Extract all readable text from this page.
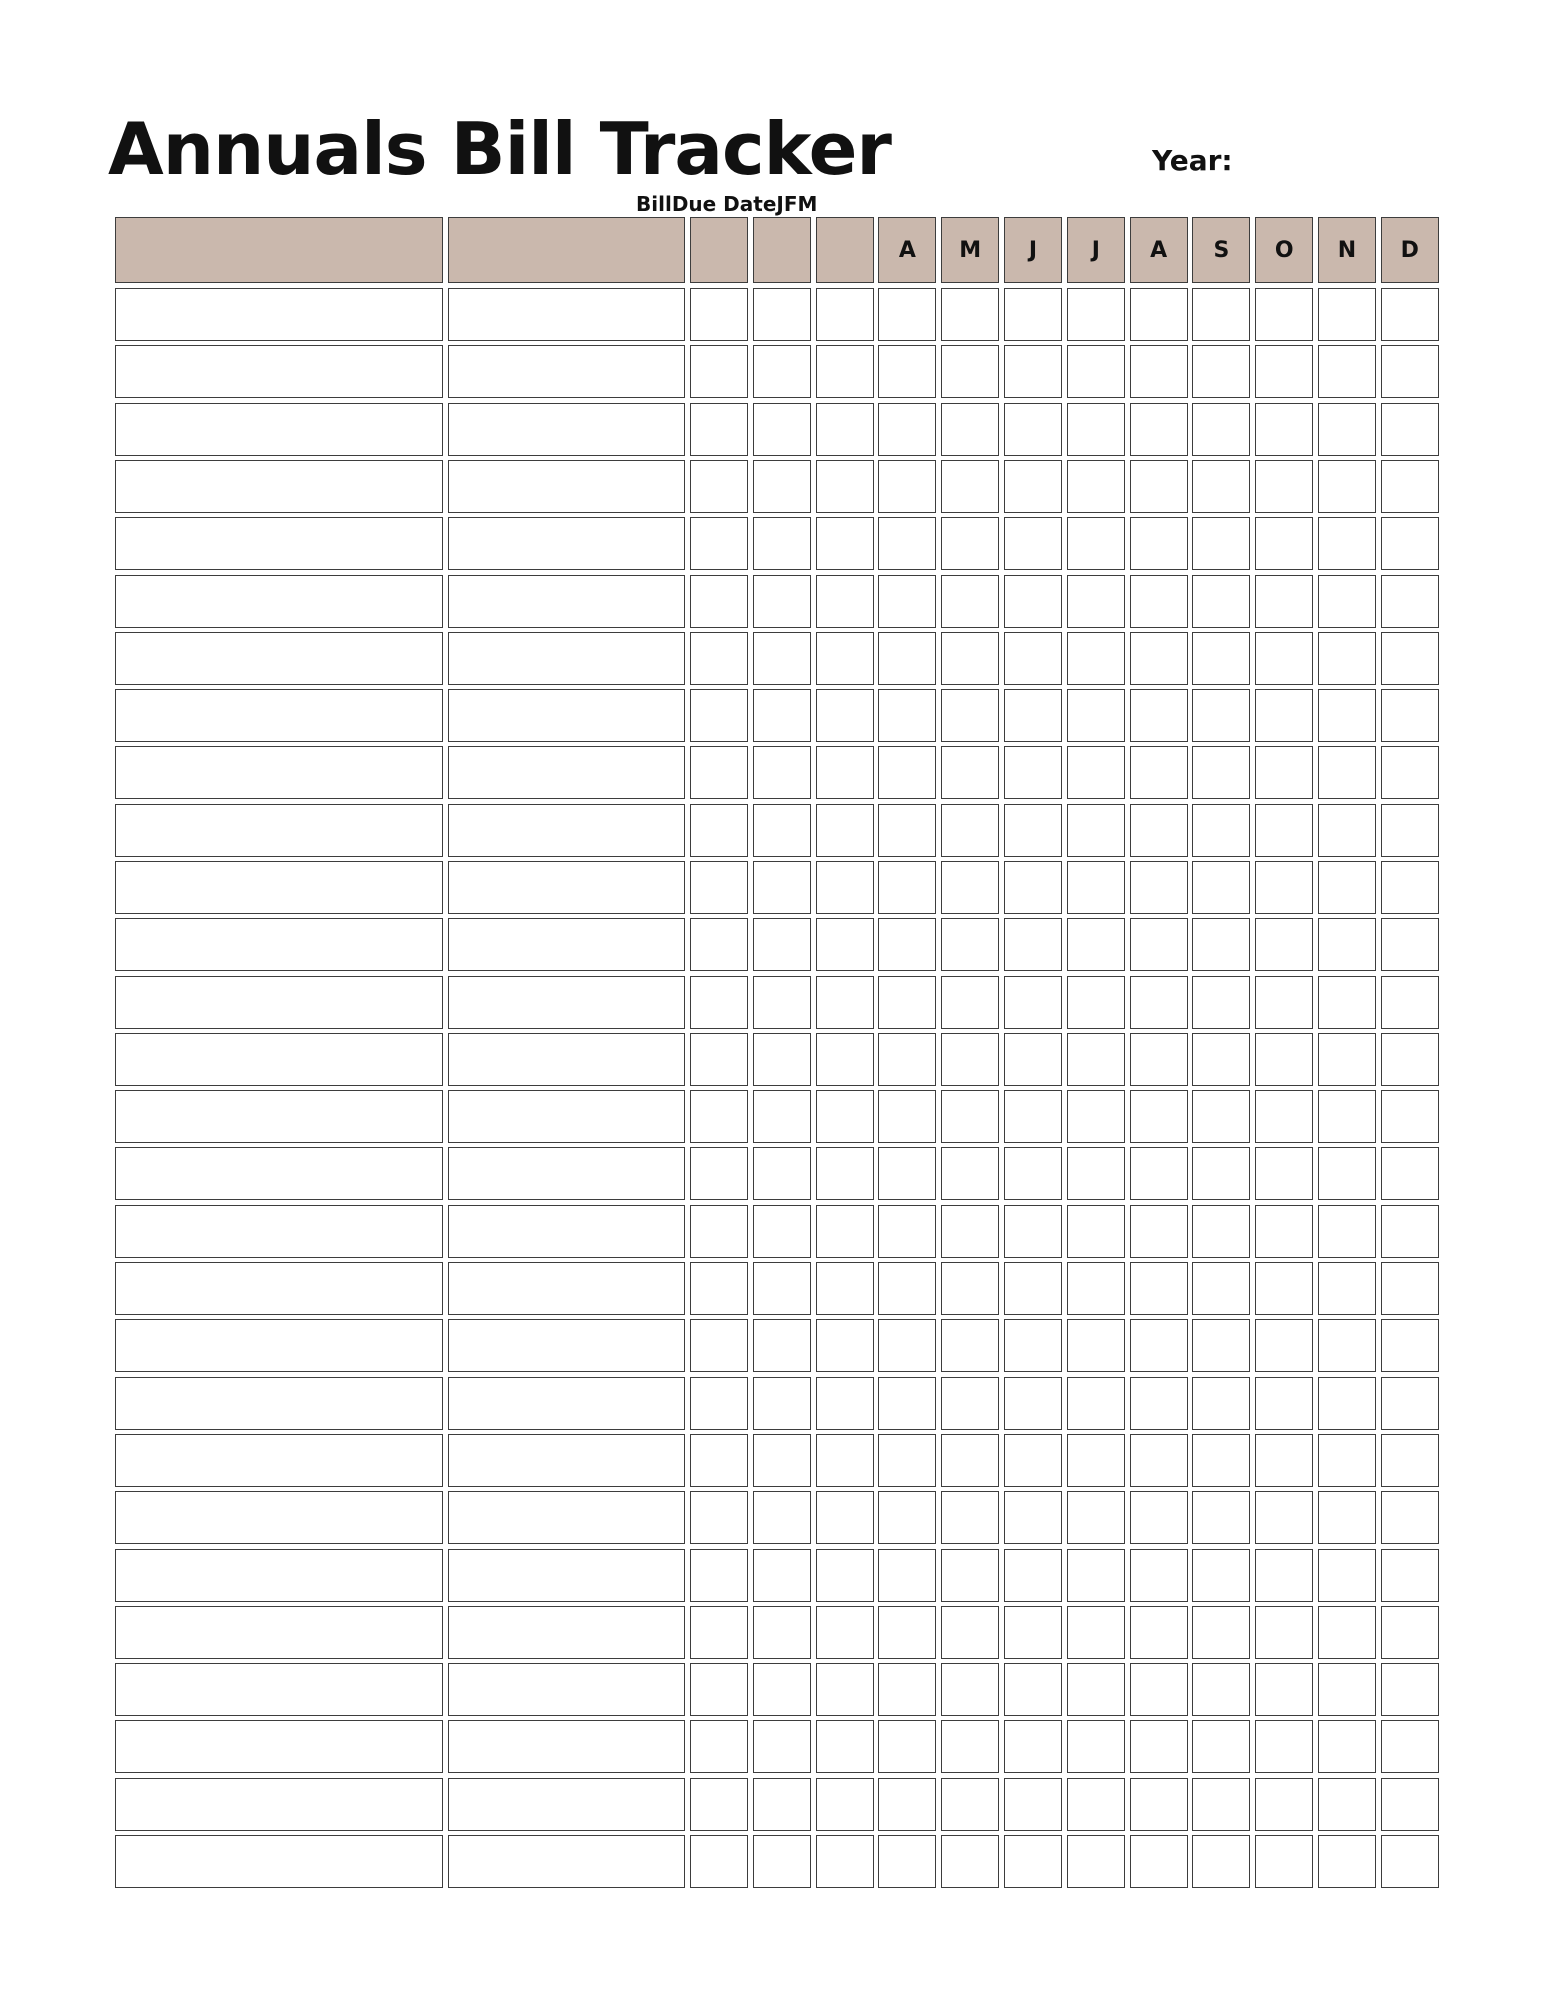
Annuals Bill Tracker	Year:
BillDue DateJFM
A M J J A S O N D
